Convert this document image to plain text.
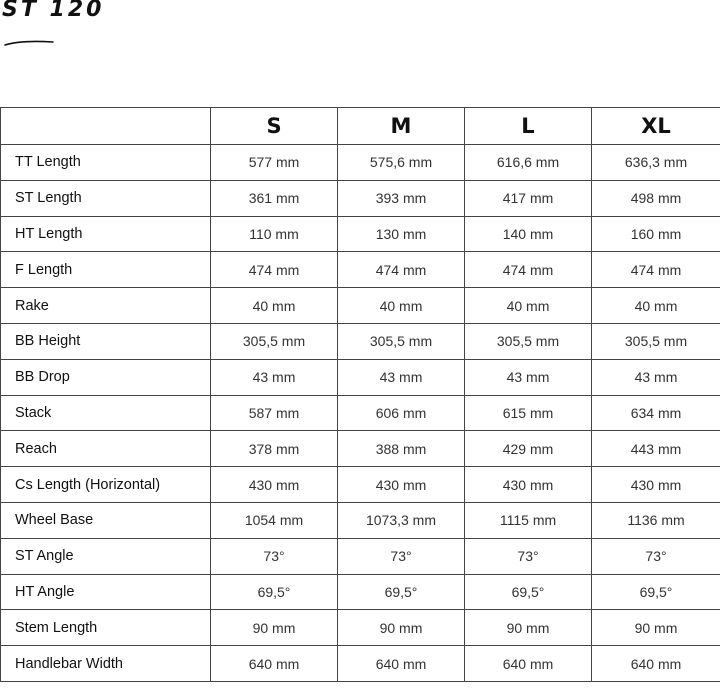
ST 120
	S	M	L	XL
TT Length	577 mm	575,6 mm	616,6 mm	636,3 mm
ST Length	361 mm	393 mm	417 mm	498 mm
HT Length	110 mm	130 mm	140 mm	160 mm
F Length	474 mm	474 mm	474 mm	474 mm
Rake	40 mm	40 mm	40 mm	40 mm
BB Height	305,5 mm	305,5 mm	305,5 mm	305,5 mm
BB Drop	43 mm	43 mm	43 mm	43 mm
Stack	587 mm	606 mm	615 mm	634 mm
Reach	378 mm	388 mm	429 mm	443 mm
Cs Length (Horizontal)	430 mm	430 mm	430 mm	430 mm
Wheel Base	1054 mm	1073,3 mm	1115 mm	1136 mm
ST Angle	73°	73°	73°	73°
HT Angle	69,5°	69,5°	69,5°	69,5°
Stem Length	90 mm	90 mm	90 mm	90 mm
Handlebar Width	640 mm	640 mm	640 mm	640 mm
